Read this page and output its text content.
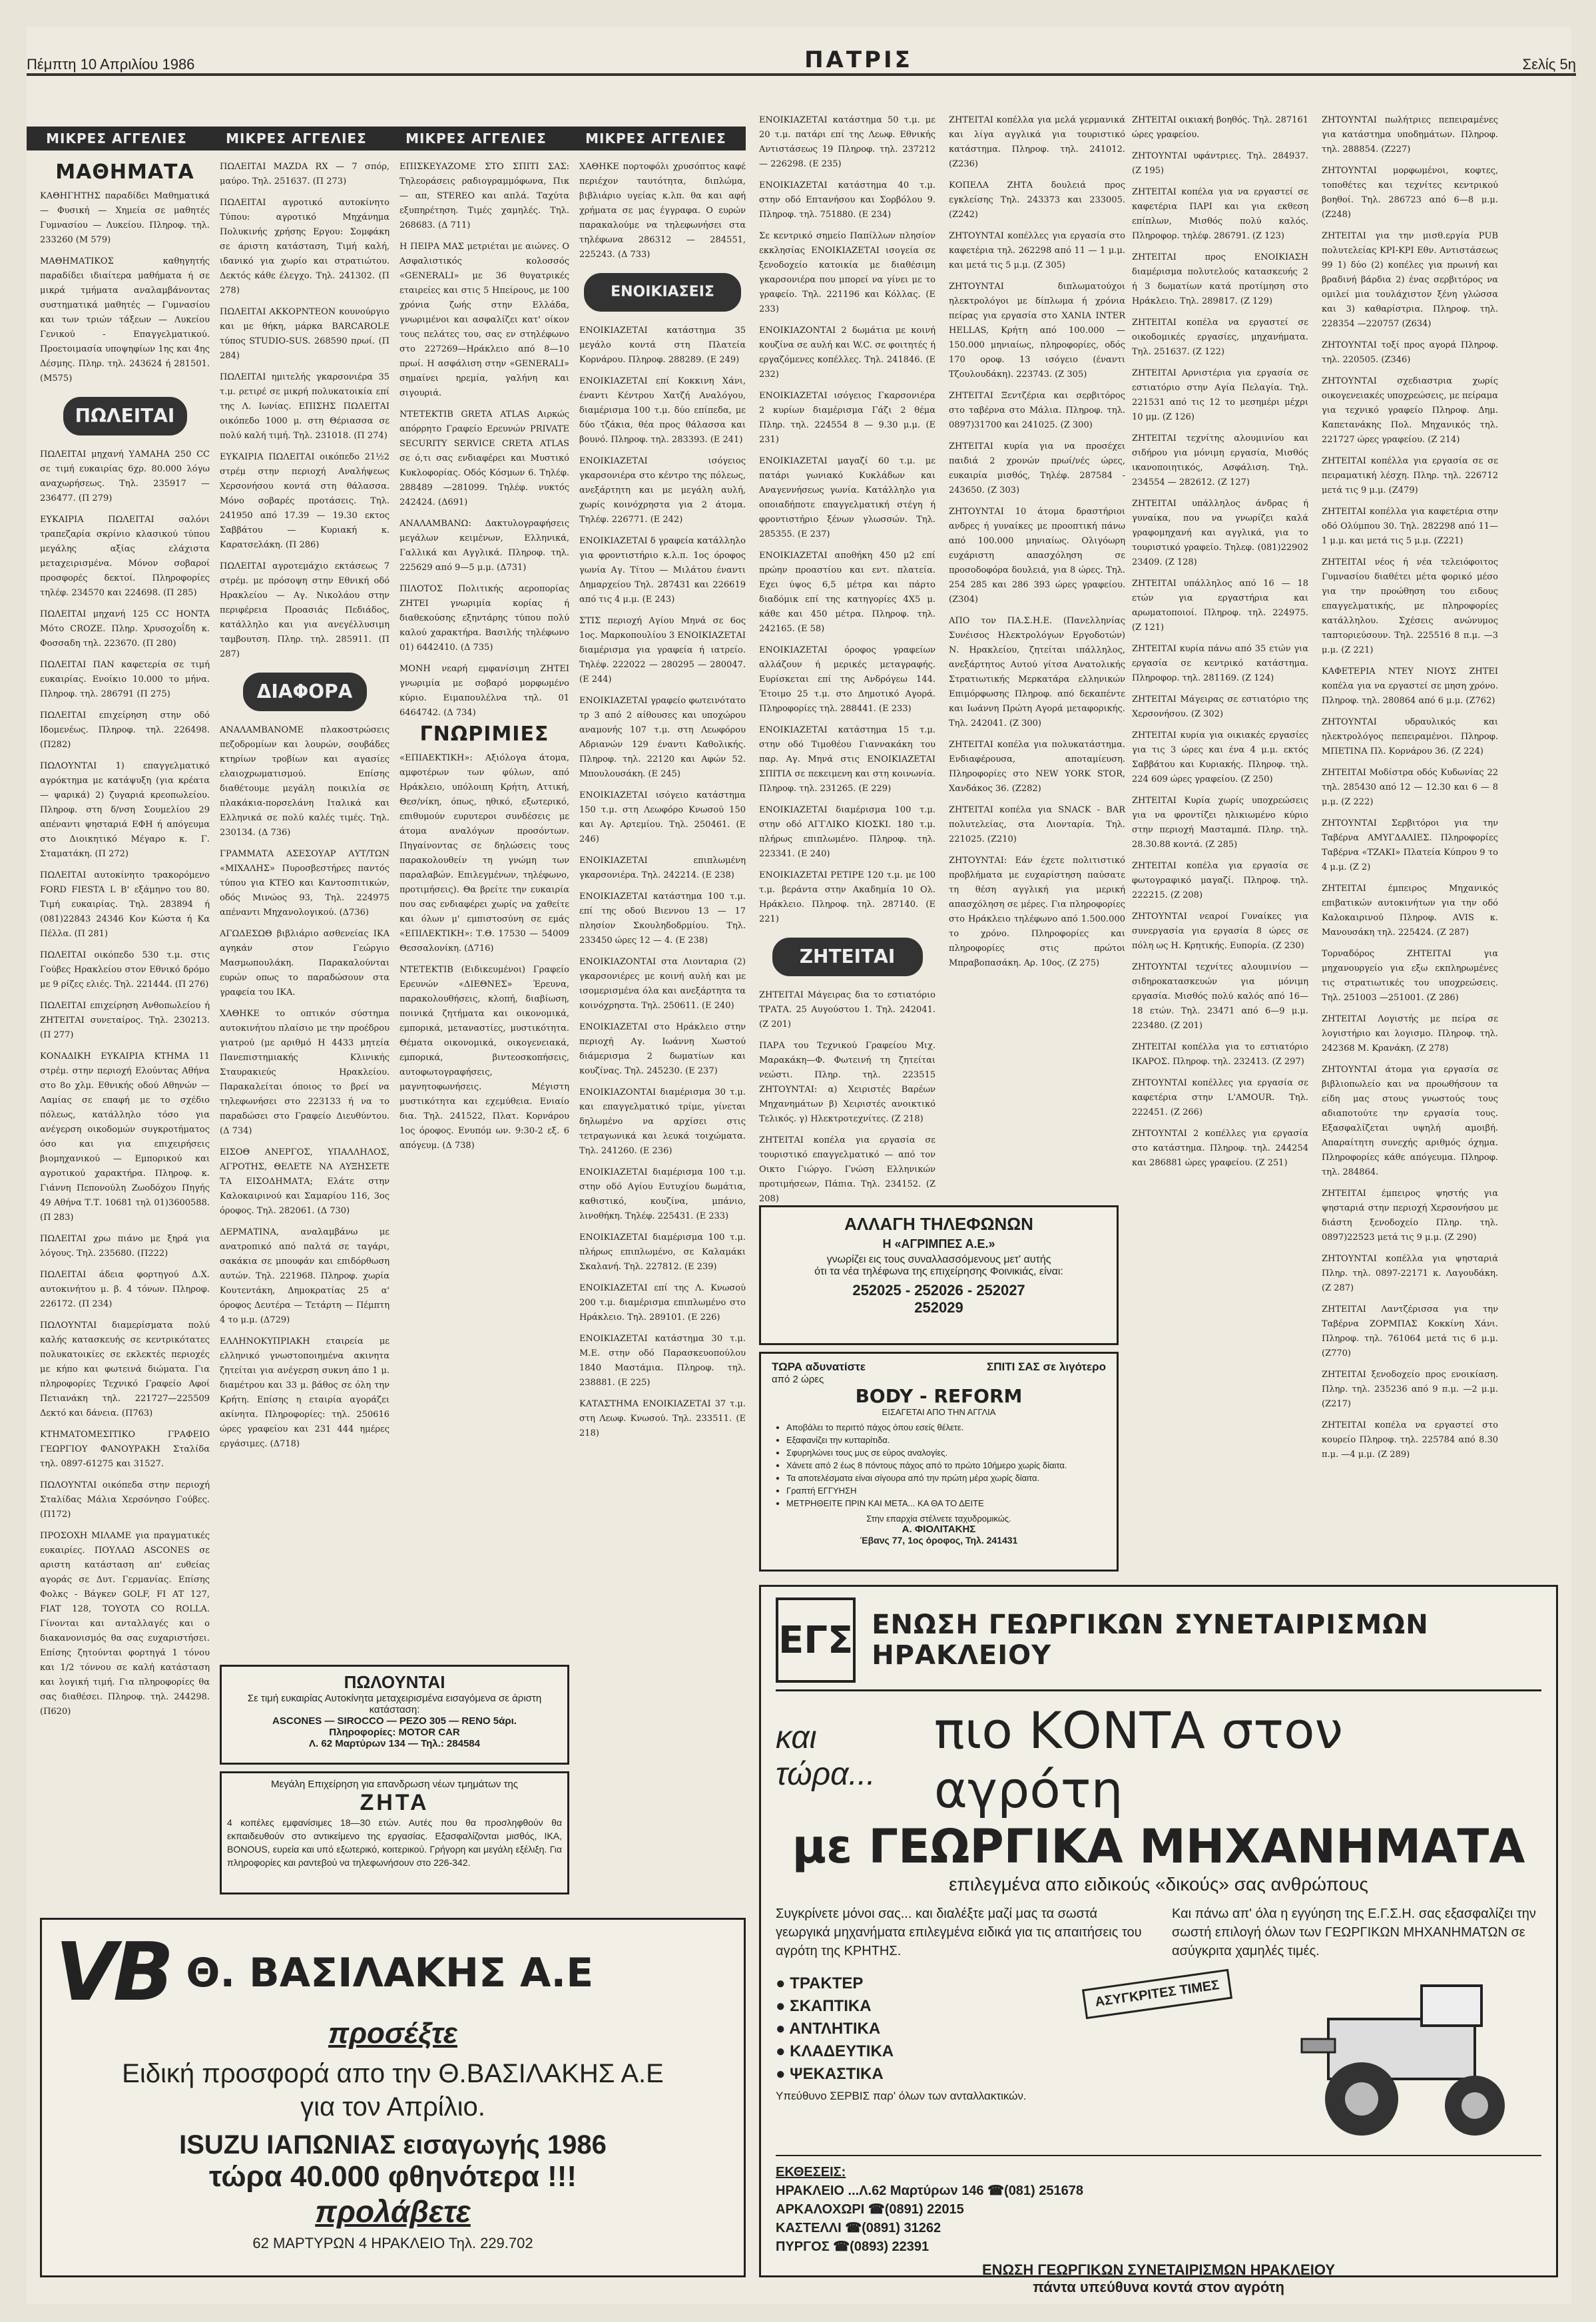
Πέμπτη 10 Απριλίου 1986	ΠΑΤΡΙΣ	Σελίς 5η
ΜΙΚΡΕΣ ΑΓΓΕΛΙΕΣ	ΜΙΚΡΕΣ ΑΓΓΕΛΙΕΣ	ΜΙΚΡΕΣ ΑΓΓΕΛΙΕΣ	ΜΙΚΡΕΣ ΑΓΓΕΛΙΕΣ
ΜΑΘΗΜΑΤΑ

ΚΑΘΗΓΗΤΗΣ παραδίδει Μαθηματικά — Φυσική — Χημεία σε μαθητές Γυμνασίου — Λυκείου. Πληροφ. τηλ. 233260 (Μ 579)

ΜΑΘΗΜΑΤΙΚΟΣ καθηγητής παραδίδει ιδιαίτερα μαθήματα ή σε μικρά τμήματα αναλαμβάνοντας συστηματικά μαθητές — Γυμνασίου και των τριών τάξεων — Λυκείου Γενικού - Επαγγελματικού. Προετοιμασία υποψηφίων 1ης και 4ης Δέσμης. Πληρ. τηλ. 243624 ή 281501. (Μ575)

ΠΩΛΕΙΤΑΙ

ΠΩΛΕΙΤΑΙ μηχανή ΥΑΜΑΗΑ 250 CC σε τιμή ευκαιρίας 6χρ. 80.000 λόγω αναχωρήσεως. Τηλ. 235917 — 236477. (Π 279)

ΕΥΚΑΙΡΙΑ ΠΩΛΕΙΤΑΙ σαλόνι τραπεζαρία σκρίνιο κλασικού τύπου μεγάλης αξίας ελάχιστα μεταχειρισμένα. Μόνον σοβαροί προσφορές δεκτοί. Πληροφορίες τηλέφ. 234570 και 224698. (Π 285)

ΠΩΛΕΙΤΑΙ μηχανή 125 CC HONTA Μότο CROZE. Πληρ. Χρυσοχοΐδη κ. Φοσσαδη τηλ. 223670. (Π 280)

ΠΩΛΕΙΤΑΙ ΠΑΝ καφετερία σε τιμή ευκαιρίας. Ενοίκιο 10.000 το μήνα. Πληροφ. τηλ. 286791 (Π 275)

ΠΩΛΕΙΤΑΙ επιχείρηση στην οδό Ιδομενέως. Πληροφ. τηλ. 226498. (Π282)

ΠΩΛΟΥΝΤΑΙ 1) επαγγελματικό αγρόκτημα με κατάψυξη (για κρέατα — ψαρικά) 2) ζυγαριά κρεοπωλείου. Πληροφ. στη δ/νση Σουμελίου 29 απέναντι ψησταριά ΕΦΗ ή απόγευμα στο Διοικητικό Μέγαρο κ. Γ. Σταματάκη. (Π 272)

ΠΩΛΕΙΤΑΙ αυτοκίνητο τρακορόμενο FORD FIESTA L Β' εξάμηνο του 80. Τιμή ευκαιρίας. Τηλ. 283894 ή (081)22843 24346 Κον Κώστα ή Κα Πέλλα. (Π 281)

ΠΩΛΕΙΤΑΙ οικόπεδο 530 τ.μ. στις Γούβες Ηρακλείου στον Εθνικό δρόμο με 9 ρίζες ελιές. Τηλ. 221444. (Π 276)

ΠΩΛΕΙΤΑΙ επιχείρηση Ανθοπωλείου ή ΖΗΤΕΙΤΑΙ συνεταίρος. Τηλ. 230213. (Π 277)

ΚΟΝΑΔΙΚΗ ΕΥΚΑΙΡΙΑ ΚΤΗΜΑ 11 στρέμ. στην περιοχή Ελούντας Αθήνα στο 8ο χλμ. Εθνικής οδού Αθηνών — Λαμίας σε επαφή με το σχέδιο πόλεως, κατάλληλο τόσο για ανέγερση οικοδομών συγκροτήματος όσο και για επιχειρήσεις βιομηχανικού — Εμπορικού και αγροτικού χαρακτήρα. Πληροφ. κ. Γιάννη Πεπονούλη Ζωοδόχου Πηγής 49 Αθήνα Τ.Τ. 10681 τηλ 01)3600588. (Π 283)

ΠΩΛΕΙΤΑΙ χρω πιάνο με ξηρά για λόγους. Τηλ. 235680. (Π222)

ΠΩΛΕΙΤΑΙ άδεια φορτηγού Δ.Χ. αυτοκινήτου μ. β. 4 τόνων. Πληροφ. 226172. (Π 234)

ΠΩΛΟΥΝΤΑΙ διαμερίσματα πολύ καλής κατασκευής σε κεντρικότατες πολυκατοικίες σε εκλεκτές περιοχές με κήπο και φωτεινά διώματα. Για πληροφορίες Τεχνικό Γραφείο Αφοί Πετιανάκη τηλ. 221727—225509 Δεκτό και δάνεια. (Π763)

ΚΤΗΜΑΤΟΜΕΣΙΤΙΚΟ ΓΡΑΦΕΙΟ ΓΕΩΡΓΙΟΥ ΦΑΝΟΥΡΑΚΗ Σταλίδα τηλ. 0897-61275 και 31527.

ΠΩΛΟΥΝΤΑΙ οικόπεδα στην περιοχή Σταλίδας Μάλια Χερσόνησο Γούβες. (Π172)

ΠΡΟΣΟΧΗ ΜΙΛΑΜΕ για πραγματικές ευκαιρίες. ΠΟΥΛΑΩ ASCONES σε αριστη κατάσταση απ' ευθείας αγοράς σε Δυτ. Γερμανίας. Επίσης Φολκς - Βάγκεν GOLF, FI AT 127, FIAT 128, TOYOTA CO ROLLA. Γίνονται και ανταλλαγές και ο διακανονισμός θα σας ευχαριστήσει. Επίσης ζητούνται φορτηγά 1 τόνου και 1/2 τόννου σε καλή κατάσταση και λογική τιμή. Για πληροφορίες θα σας διαθέσει. Πληροφ. τηλ. 244298. (Π620)

ΠΩΛΕΙΤΑΙ ΜΑΖDA RX — 7 σπόρ, μαύρο. Τηλ. 251637. (Π 273)

ΠΩΛΕΙΤΑΙ αγροτικό αυτοκίνητο Τύπου: αγροτικό Μηχάνημα Πολυκινής χρήσης Εργου: Σομφάκη σε άριστη κατάσταση, Τιμή καλή, ιδανικό για χωρίο και στρατιώτου. Δεκτός κάθε έλεγχο. Τηλ. 241302. (Π 278)

ΠΩΛΕΙΤΑΙ ΑΚΚΟΡΝΤΕΟΝ κουνούργιο και με θήκη, μάρκα BARCAROLE τύπος STUDIO-SUS. 268590 πρωί. (Π 284)

ΠΩΛΕΙΤΑΙ ημιτελής γκαρσονιέρα 35 τ.μ. ρετιρέ σε μικρή πολυκατοικία επί της Λ. Ιωνίας. ΕΠΙΣΗΣ ΠΩΛΕΙΤΑΙ οικόπεδο 1000 μ. στη Θέριασσα σε πολύ καλή τιμή. Τηλ. 231018. (Π 274)

ΕΥΚΑΙΡΙΑ ΠΩΛΕΙΤΑΙ οικόπεδο 21½2 στρέμ στην περιοχή Αναλήψεως Χερσονήσου κοντά στη θάλασσα. Μόνο σοβαρές προτάσεις. Τηλ. 241950 από 17.39 — 19.30 εκτος Σαββάτου — Κυριακή κ. Καρατσελάκη. (Π 286)

ΠΩΛΕΙΤΑΙ αγροτεμάχιο εκτάσεως 7 στρέμ. με πρόσοψη στην Εθνική οδό Ηρακλείου — Αγ. Νικολάου στην περιφέρεια Προασιάς Πεδιάδος, κατάλληλο και για ανεγέλλυσιμη ταμβουτση. Πληρ. τηλ. 285911. (Π 287)

ΔΙΑΦΟΡΑ

ΑΝΑΛΑΜΒΑΝΟΜΕ πλακοστρώσεις πεζοδρομίων και λουρών, σουβάδες κτηρίων τροβίων και αγασίες ελαιοχρωματισμού. Επίσης διαθέτουμε μεγάλη ποικιλία σε πλακάκια-πορσελάνη Ιταλικά και Ελληνικά σε πολύ καλές τιμές. Τηλ. 230134. (Δ 736)

ΓΡΑΜΜΑΤΑ ΑΣΕΣΟΥΑΡ ΑΥΤ/ΤΩΝ «ΜΙΧΑΛΗΣ» Πυροσβεστήρες παντός τύπου για ΚΤΕΟ και Καντοσπιτικών, οδός Μινώος 93, Τηλ. 224975 απέναντι Μηχανολογικού. (Δ736)

ΑΓΩΔΕΣΩΘ βιβλιάριο ασθενείας ΙΚΑ αγηκάν στον Γεώργιο Μασμωπουλάκη. Παρακαλούνται ευρών οπως το παραδώσουν στα γραφεία του ΙΚΑ.

ΧΑΘΗΚΕ το οπτικόν σύστημα αυτοκινήτου πλαίσιο με την προέδρου γιατρού (με αριθμό Η 4433 μητεία Πανεπιστημιακής Κλινικής Σταυρακιεύς Ηρακλείου. Παρακαλείται όποιος το βρεί να τηλεφωνήσει στο 223133 ή να το παραδώσει στο Γραφείο Διευθύντου. (Δ 734)

ΕΙΣΟΘ ΑΝΕΡΓΟΣ, ΥΠΑΛΛΗΛΟΣ, ΑΓΡΟΤΗΣ, ΘΕΛΕΤΕ ΝΑ ΑΥΞΗΣΕΤΕ ΤΑ ΕΙΣΟΔΗΜΑΤΑ; Ελάτε στην Καλοκαιρινού και Σαμαρίου 116, 3ος όροφος. Τηλ. 282061. (Δ 730)

ΔΕΡΜΑΤΙΝΑ, αναλαμβάνω με ανατροπικό από παλτά σε ταγάρι, σακάκια σε μπουφάν και επιδόρθωση αυτών. Τηλ. 221968. Πληροφ. χωρία Κουτεντάκη, Δημοκρατίας 25 α' όροφος Δευτέρα — Τετάρτη — Πέμπτη 4 το μ.μ. (Δ729)

ΕΛΛΗΝΟΚΥΠΡΙΑΚΗ εταιρεία με ελληνικό γνωστοποιημένα ακινητα ζητείται για ανέγερση συκνη άπο 1 μ. διαμέτρου και 33 μ. βάθος σε όλη την Κρήτη. Επίσης η εταιρία αγοράζει ακίνητα. Πληροφορίες: τηλ. 250616 ώρες γραφείου και 231 444 ημέρες εργάσιμες. (Δ718)

ΕΠΙΣΚΕΥΑΖΟΜΕ ΣΤΟ ΣΠΙΤΙ ΣΑΣ: Τηλεοράσεις ραδιογραμμόφωνα, Πικ — απ, STEREO και απλά. Ταχύτα εξυπηρέτηση. Τιμές χαμηλές. Τηλ. 268683. (Δ 711)

Η ΠΕΙΡΑ ΜΑΣ μετριέται με αιώνες. Ο Ασφαλιστικός κολοσσός «GENERALI» με 36 θυγατρικές εταιρείες και στις 5 Ηπείρους, με 100 χρόνια ζωής στην Ελλάδα, γνωριμένοι και ασφαλίζει κατ' οίκον τους πελάτες του, σας εν στηλέφωνο στο 227269—Ηράκλειο από 8—10 πρωί. Η ασφάλιση στην «GENERALI» σημαίνει ηρεμία, γαλήνη και σιγουριά.

ΝΤΕΤΕΚΤΙΒ GRETA ATLAS Αιρκώς απόρρητο Γραφείο Ερευνών PRIVATE SECURITY SERVICE CRETA ATLAS σε ό,τι σας ενδιαφέρει και Μυστικό Κυκλοφορίας. Οδός Κόσμων 6. Τηλέφ. 288489 —281099. Τηλέφ. νυκτός 242424. (Δ691)

ΑΝΑΛΑΜΒΑΝΩ: Δακτυλογραφήσεις μεγάλων κειμένων, Ελληνικά, Γαλλικά και Αγγλικά. Πληροφ. τηλ. 225629 από 9—5 μ.μ. (Δ731)

ΠΙΛΟΤΟΣ Πολιτικής αεροπορίας ΖΗΤΕΙ γνωριμία κορίας ή διαθεκούσης εξηντάρης τύπου πολύ καλού χαρακτήρα. Βασιλής τηλέφωνο 01) 6442410. (Δ 735)

ΜΟΝΗ νεαρή εμφανίσιμη ΖΗΤΕΙ γνωριμία με σοβαρό μορφωμένο κύριο. Ειμαπουλέλνα τηλ. 01 6464742. (Δ 734)

ΓΝΩΡΙΜΙΕΣ

«ΕΠΙΑΕΚΤΙΚΗ»: Αξιόλογα άτομα, αμφοτέρων των φύλων, από Ηράκλειο, υπόλοιπη Κρήτη, Αττική, Θεσ/νίκη, όπως, ηθικό, εξωτερικό, επιθυμούν ευρυτεροι συνδέσεις με άτομα αναλόγων προσόντων. Πηγαίνοντας σε δηλώσεις τους παρακολουθείν τη γνώμη των παραλαβών. Επιλεγμένων, τηλέφωνο, προτιμήσεις). Θα βρείτε την ευκαιρία που σας ενδιαφέρει χωρίς να χαθείτε και όλων μ' εμπιστοσύνη σε εμάς «ΕΠΙΛΕΚΤΙΚΗ»: Τ.Θ. 17530 — 54009 Θεσσαλονίκη. (Δ716)

ΝΤΕΤΕΚΤΙΒ (Ειδικευμένοι) Γραφείο Ερευνών «ΔΙΕΘΝΕΣ» Έρευνα, παρακολουθήσεις, κλοπή, διαβίωση, ποινικά ζητήματα και οικονομικά, εμπορικά, μεταναστίες, μυστικότητα. Θέματα οικονομικά, οικογενειακά, εμπορικά, βιντεοσκοπήσεις, αυτοφωτογραφήσεις, μαγνητοφωνήσεις. Μέγιστη μυστικότητα και εχεμύθεια. Ενιαίο δια. Τηλ. 241522, Πλατ. Κορνάρου 1ος όροφος. Ενυπόμ ων. 9:30-2 εξ. 6 απόγευμ. (Δ 738)

ΠΩΛΟΥΝΤΑΙ
Σε τιμή ευκαιρίας Αυτοκίνητα μεταχειρισμένα εισαγόμενα σε άριστη κατάσταση:
ASCONES — SIROCCO — PEZO 305 — RENO 5άρι.
Πληροφορίες: MOTOR CAR
Λ. 62 Μαρτύρων 134 — Τηλ.: 284584
Μεγάλη Επιχείρηση για επανδρωση νέων τμημάτων της
ΖΗΤΑ
4 κοπέλες εμφανίσιμες 18—30 ετών. Αυτές που θα προσληφθούν θα εκπαιδευθούν στο αντικείμενο της εργασίας. Εξασφαλίζονται μισθός, ΙΚΑ, ΒΟΝΟUS, ευρεία και υπό εξωτερικό, κοιτερικού. Γρήγορη και μεγάλη εξέλιξη. Για πληροφορίες και ραντεβού να τηλεφωνήσουν στο 226-342.

ΧΑΘΗΚΕ πορτοφόλι χρυσόπτος καφέ περιέχον ταυτότητα, διπλώμα, βιβλιάριο υγείας κ.λπ. θα και αφή χρήματα σε μας έγγραφα. Ο ευρών παρακαλούμε να τηλεφωνήσει στα τηλέφωνα 286312 — 284551, 225243. (Δ 733)

ΕΝΟΙΚΙΑΣΕΙΣ

ΕΝΟΙΚΙΑΖΕΤΑΙ κατάστημα 35 μεγάλο κοντά στη Πλατεία Κορνάρου. Πληροφ. 288289. (Ε 249)

ΕΝΟΙΚΙΑΖΕΤΑΙ επί Κοκκινη Χάνι, έναντι Κέντρου Χατζή Αναλόγου, διαμέρισμα 100 τ.μ. δύο επίπεδα, με δύο τζάκια, θέα προς θάλασσα και βουνό. Πληροφ. τηλ. 283393. (Ε 241)

ΕΝΟΙΚΙΑΖΕΤΑΙ ισόγειος γκαρσονιέρα στο κέντρο της πόλεως, ανεξάρτητη και με μεγάλη αυλή, χωρίς κοινόχρηστα για 2 άτομα. Τηλέφ. 226771. (Ε 242)

ΕΝΟΙΚΙΑΖΕΤΑΙ δ γραφεία κατάλληλο για φροντιστήριο κ.λ.π. 1ος όροφος γωνία Αγ. Τίτου — Μιλάτου έναντι Δημαρχείου Τηλ. 287431 και 226619 από τις 4 μ.μ. (Ε 243)

ΣΤΙΣ περιοχή Αγίου Μηνά σε 6ος 1ος. Μαρκοπουλίου 3 ΕΝΟΙΚΙΑΖΕΤΑΙ διαμέρισμα για γραφεία ή ιατρείο. Τηλέφ. 222022 — 280295 — 280047. (Ε 244)

ΕΝΟΙΚΙΑΖΕΤΑΙ γραφείο φωτεινότατο τρ 3 από 2 αίθουσες και υποχώρου αναμονής 107 τ.μ. στη Λεωφόρου Αδριανών 129 έναντι Καθολικής. Πληροφ. τηλ. 22120 και Αφών 52. Μπουλουσάκη. (Ε 245)

ΕΝΟΙΚΙΑΖΕΤΑΙ ισόγειο κατάστημα 150 τ.μ. στη Λεωφόρο Κνωσού 150 και Αγ. Αρτεμίου. Τηλ. 250461. (Ε 246)

ΕΝΟΙΚΙΑΖΕΤΑΙ επιπλωμένη γκαρσονιέρα. Τηλ. 242214. (Ε 238)

ΕΝΟΙΚΙΑΖΕΤΑΙ κατάστημα 100 τ.μ. επί της οδού Βιεννου 13 — 17 πλησίον Σκουληδοδρμίου. Τηλ. 233450 ώρες 12 — 4. (Ε 238)

ΕΝΟΙΚΙΑΖΟΝΤΑΙ στα Λιονταρια (2) γκαρσονιέρες με κοινή αυλή και με ισομερισμένα όλα και ανεξάρτητα τα κοινόχρηστα. Τηλ. 250611. (Ε 240)

ΕΝΟΙΚΙΑΖΕΤΑΙ στο Ηράκλειο στην περιοχή Αγ. Ιωάννη Χωστού διάμερισμα 2 δωματίων και κουζίνας. Τηλ. 245230. (Ε 237)

ΕΝΟΙΚΙΑΖΟΝΤΑΙ διαμέρισμα 30 τ.μ. και επαγγελματικό τρίμε, γίνεται δηλωμένο να αρχίσει στις τετραγωνικά και λευκά τοιχώματα. Τηλ. 241260. (Ε 236)

ΕΝΟΙΚΙΑΖΕΤΑΙ διαμέρισμα 100 τ.μ. στην οδό Αγίου Ευτυχίου δωμάτια, καθιστικό, κουζίνα, μπάνιο, λινοθήκη. Τηλέφ. 225431. (Ε 233)

ΕΝΟΙΚΙΑΖΕΤΑΙ διαμέρισμα 100 τ.μ. πλήρως επιπλωμένο, σε Καλαμάκι Σκαλανή. Τηλ. 227812. (Ε 239)

ΕΝΟΙΚΙΑΖΕΤΑΙ επί της Λ. Κνωσού 200 τ.μ. διαμέρισμα επιπλωμένο στο Ηράκλειο. Τηλ. 289101. (Ε 226)

ΕΝΟΙΚΙΑΖΕΤΑΙ κατάστημα 30 τ.μ. Μ.Ε. στην οδό Παρασκευοπούλου 1840 Μαστάμια. Πληροφ. τηλ. 238881. (Ε 225)

ΚΑΤΑΣΤΗΜΑ ΕΝΟΙΚΙΑΖΕΤΑΙ 37 τ.μ. στη Λεωφ. Κνωσού. Τηλ. 233511. (Ε 218)

ΕΝΟΙΚΙΑΖΕΤΑΙ κατάστημα 50 τ.μ. με 20 τ.μ. πατάρι επί της Λεωφ. Εθνικής Αντιστάσεως 19 Πληροφ. τηλ. 237212 — 226298. (Ε 235)

ΕΝΟΙΚΙΑΖΕΤΑΙ κατάστημα 40 τ.μ. στην οδό Επτανήσου και Σορβόλου 9. Πληροφ. τηλ. 751880. (Ε 234)

Σε κεντρικό σημείο Παπίλλων πλησίον εκκλησίας ΕΝΟΙΚΙΑΖΕΤΑΙ ισογεία σε ξενοδοχείο κατοικία με διαθέσιμη γκαρσονιέρα που μπορεί να γίνει με το γραφείο. Τηλ. 221196 και Κόλλας. (Ε 233)

ΕΝΟΙΚΙΑΖΟΝΤΑΙ 2 δωμάτια με κοινή κουζίνα σε αυλή και W.C. σε φοιτητές ή εργαζόμενες κοπέλλες. Τηλ. 241846. (Ε 232)

ΕΝΟΙΚΙΑΖΕΤΑΙ ισόγειος Γκαρσονιέρα 2 κυρίων διαμέρισμα Γάζι 2 θέμα Πληρ. τηλ. 224554 8 — 9.30 μ.μ. (Ε 231)

ΕΝΟΙΚΙΑΖΕΤΑΙ μαγαζί 60 τ.μ. με πατάρι γωνιακό Κυκλάδων και Αναγεννήσεως γωνία. Κατάλληλο για οποιαδήποτε επαγγελματική στέγη ή φροντιστήριο ξένων γλωσσών. Τηλ. 285355. (Ε 237)

ΕΝΟΙΚΙΑΖΕΤΑΙ αποθήκη 450 μ2 επί πρώην προαστίου και εντ. πλατεία. Εχει ύψος 6,5 μέτρα και πάρτο διαδόμικ επί της κατηγορίες 4Χ5 μ. κάθε και 450 μέτρα. Πληροφ. τηλ. 242165. (Ε 58)

ΕΝΟΙΚΙΑΖΕΤΑΙ όροφος γραφείων αλλάζουν ή μερικές μεταγραφής. Ευρίσκεται επί της Ανδρόγεω 144. Έτοιμο 25 τ.μ. στο Δημοτικό Αγορά. Πληροφορίες τηλ. 288441. (Ε 233)

ΕΝΟΙΚΙΑΖΕΤΑΙ κατάστημα 15 τ.μ. στην οδό Τιμοθέου Γιαννακάκη του παρ. Αγ. Μηνά στις ΕΝΟΙΚΙΑΖΕΤΑΙ ΣΠΙΤΙΑ σε πεκειμενη και στη κοινωνία. Πληροφ. τηλ. 231265. (Ε 229)

ΕΝΟΙΚΙΑΖΕΤΑΙ διαμέρισμα 100 τ.μ. στην οδό ΑΓΓΛΙΚΟ ΚΙΟΣΚΙ. 180 τ.μ. πλήρως επιπλωμένο. Πληροφ. τηλ. 223341. (Ε 240)

ΕΝΟΙΚΙΑΖΕΤΑΙ ΡΕΤΙΡΕ 120 τ.μ. με 100 τ.μ. βεράντα στην Ακαδημία 10 Ολ. Ηράκλειο. Πληροφ. τηλ. 287140. (Ε 221)

ΖΗΤΕΙΤΑΙ

ΖΗΤΕΙΤΑΙ Μάγειρας δια το εστιατόριο ΤΡΑΤΑ. 25 Αυγούστου 1. Τηλ. 242041. (Ζ 201)

ΠΑΡΑ του Τεχνικού Γραφείου Μιχ. Μαρακάκη—Φ. Φωτεινή τη ζητείται νεώστι. Πληρ. τηλ. 223515 ΖΗΤΟΥΝΤΑΙ: α) Χειριστές Βαρέων Μηχανημάτων β) Χειριστές ανοικτικό Τελικός. γ) Ηλεκτροτεχνίτες. (Ζ 218)

ΖΗΤΕΙΤΑΙ κοπέλα για εργασία σε τουριστικό επαγγελματικό — από τον Οικτο Γιώργο. Γνώση Ελληνικών προτιμήσεων, Πάπια. Τηλ. 234152. (Ζ 208)

ΖΗΤΕΙΤΑΙ κοπέλλα για μελά γερμανικά και λίγα αγγλικά για τουριστικό κατάστημα. Πληροφ. τηλ. 241012. (Ζ236)

ΚΟΠΕΛΑ ΖΗΤΑ δουλειά προς εγκλείσης Τηλ. 243373 και 233005. (Ζ242)

ΖΗΤΟΥΝΤΑΙ κοπέλλες για εργασία στο καφετέρια τηλ. 262298 από 11 — 1 μ.μ. και μετά τις 5 μ.μ. (Ζ 305)

ΖΗΤΟΥΝΤΑΙ διπλωματούχοι ηλεκτρολόγοι με δίπλωμα ή χρόνια πείρας για εργασία στο ΧΑΝΙΑ ΙΝΤΕR ΗΕLLAS, Κρήτη από 100.000 — 150.000 μηνιαίως, πληροφορίες, οδός 170 οροφ. 13 ισόγειο (έναντι Τζουλουδάκη). 223743. (Ζ 305)

ΖΗΤΕΙΤΑΙ Ξεντζέρια και σερβιτόρος στο ταβέρνα στο Μάλια. Πληροφ. τηλ. 0897)31700 και 241025. (Ζ 300)

ΖΗΤΕΙΤΑΙ κυρία για να προσέχει παιδιά 2 χρονών πρωί/νές ώρες, ευκαιρία μισθός, Τηλέφ. 287584 - 243650. (Ζ 303)

ΖΗΤΟΥΝΤΑΙ 10 άτομα δραστήριοι ανδρες ή γυναίκες με προοπτική πάνω από 100.000 μηνιαίως. Ολιγόωρη ευχάριστη απασχόληση σε προσοδοφόρα δουλειά, για 8 ώρες. Τηλ. 254 285 και 286 393 ώρες γραφείου. (Ζ304)

ΑΠΟ τον ΠΑ.Σ.Η.Ε. (Πανελληνίας Συνέισος Ηλεκτρολόγων Εργοδοτών) Ν. Ηρακλείου, ζητείται ιπάλληλος, ανεξάρτητος Αυτού γίτσα Ανατολικής Στρατιωτικής Μερκατάρα ελληνικών Επιμόρφωσης Πληροφ. από δεκαπέντε και Ιωάννη Πρώτη Αγορά μεταφορικής. Τηλ. 242041. (Ζ 300)

ΖΗΤΕΙΤΑΙ κοπέλα για πολυκατάστημα. Ενδιαφέρουσα, αποταμίευση. Πληροφορίες στο NEW YORK STOR, Χανδάκος 36. (Ζ282)

ΖΗΤΕΙΤΑΙ κοπέλα για SNACK - BAR πολυτελείας, στα Λιονταρία. Τηλ. 221025. (Ζ210)

ΖΗΤΟΥΝΤΑΙ: Εάν έχετε πολιτιστικό προβλήματα με ευχαρίστηση παύσατε τη θέση αγγλική για μερική απασχόληση σε μέρες. Για πληροφορίες στο Ηράκλειο τηλέφωνο από 1.500.000 το χρόνο. Πληροφορίες και πληροφορίες στις πρώτοι Μπραβοπασάκη. Αρ. 10ος. (Ζ 275)

ΖΗΤΕΙΤΑΙ οικιακή βοηθός. Τηλ. 287161 ώρες γραφείου.

ΖΗΤΟΥΝΤΑΙ υφάντριες. Τηλ. 284937. (Ζ 195)

ΖΗΤΕΙΤΑΙ κοπέλα για να εργαστεί σε καφετέρια ΠΑΡΙ και για εκθεση επίπλων, Μισθός πολύ καλός. Πληροφορ. τηλέφ. 286791. (Ζ 123)

ΖΗΤΕΙΤΑΙ προς ΕΝΟΙΚΙΑΣΗ διαμέρισμα πολυτελούς κατασκευής 2 ή 3 δωματίων κατά προτίμηση στο Ηράκλειο. Τηλ. 289817. (Ζ 129)

ΖΗΤΕΙΤΑΙ κοπέλα να εργαστεί σε οικοδομικές εργασίες, μηχανήματα. Τηλ. 251637. (Ζ 122)

ΖΗΤΕΙΤΑΙ Αρνιστέρια για εργασία σε εστιατόριο στην Αγία Πελαγία. Τηλ. 221531 από τις 12 το μεσημέρι μέχρι 10 μμ. (Ζ 126)

ΖΗΤΕΙΤΑΙ τεχνίτης αλουμινίου και σιδήρου για μόνιμη εργασία, Μισθός ικανοποιητικός, Ασφάλιση. Τηλ. 234554 — 282612. (Ζ 127)

ΖΗΤΕΙΤΑΙ υπάλληλος άνδρας ή γυναίκα, που να γνωρίζει καλά γραφομηχανή και αγγλικά, για το τουριστικό γραφείο. Τηλεφ. (081)22902 23409. (Ζ 128)

ΖΗΤΕΙΤΑΙ υπάλληλος από 16 — 18 ετών για εργαστήρια και αρωματοποιοί. Πληροφ. τηλ. 224975. (Ζ 121)

ΖΗΤΕΙΤΑΙ κυρία πάνω από 35 ετών για εργασία σε κεντρικό κατάστημα. Πληροφορ. τηλ. 281169. (Ζ 124)

ΖΗΤΕΙΤΑΙ Μάγειρας σε εστιατόριο της Χερσονήσου. (Ζ 302)

ΖΗΤΕΙΤΑΙ κυρία για οικιακές εργασίες για τις 3 ώρες και ένα 4 μ.μ. εκτός Σαββάτου και Κυριακής. Πληροφ. τηλ. 224 609 ώρες γραφείου. (Ζ 250)

ΖΗΤΕΙΤΑΙ Κυρία χωρίς υποχρεώσεις για να φροντίζει ηλικιωμένο κύριο στην περιοχή Μασταμπά. Πληρ. τηλ. 28.30.88 κοντά. (Ζ 285)

ΖΗΤΕΙΤΑΙ κοπέλα για εργασία σε φωτογραφικό μαγαζί. Πληροφ. τηλ. 222215. (Ζ 208)

ΖΗΤΟΥΝΤΑΙ νεαροί Γυναίκες για συνεργασία για εργασία 8 ώρες σε πόλη ως Η. Κρητικής. Ευπορία. (Ζ 230)

ΖΗΤΟΥΝΤΑΙ τεχνίτες αλουμινίου —σιδηροκατασκευών για μόνιμη εργασία. Μισθός πολύ καλός από 16—18 ετών. Τηλ. 23471 από 6—9 μ.μ. 223480. (Ζ 201)

ΖΗΤΕΙΤΑΙ κοπέλλα για το εστιατόριο ΙΚΑΡΟΣ. Πληροφ. τηλ. 232413. (Ζ 297)

ΖΗΤΟΥΝΤΑΙ κοπέλλες για εργασία σε καφετέρια στην L'AMOUR. Τηλ. 222451. (Ζ 266)

ΖΗΤΟΥΝΤΑΙ 2 κοπέλλες για εργασία στο κατάστημα. Πληροφ. τηλ. 244254 και 286881 ώρες γραφείου. (Ζ 251)

ΖΗΤΟΥΝΤΑΙ πωλήτριες πεπειραμένες για κατάστημα υποδημάτων. Πληροφ. τηλ. 288854. (Ζ227)

ΖΗΤΟΥΝΤΑΙ μορφωμένοι, κοφτες, τοποθέτες και τεχνίτες κεντρικού βοηθοί. Τηλ. 286723 από 6—8 μ.μ. (Ζ248)

ΖΗΤΕΙΤΑΙ για την μισθ.εργία ΡUΒ πολυτελείας ΚΡΙ-ΚΡΙ Εθν. Αντιστάσεως 99 1) δύο (2) κοπέλες για πρωινή και βραδινή βάρδια 2) ένας σερβιτόρος να ομιλεί μια τουλάχιστον ξένη γλώσσα και 3) καθαρίστρια. Πληροφ. τηλ. 228354 —220757 (Ζ634)

ΖΗΤΟΥΝΤΑΙ τοξί προς αγορά Πληροφ. τηλ. 220505. (Ζ346)

ΖΗΤΟΥΝΤΑΙ σχεδιαστρια χωρίς οικογενειακές υποχρεώσεις, με πείραμα για τεχνικό γραφείο Πληροφ. Δημ. Καπετανάκης Πολ. Μηχανικός τηλ. 221727 ώρες γραφείου. (Ζ 214)

ΖΗΤΕΙΤΑΙ κοπέλλα για εργασία σε σε πειραματική λέσχη. Πληρ. τηλ. 226712 μετά τις 9 μ.μ. (Ζ479)

ΖΗΤΕΙΤΑΙ κοπέλλα για καφετέρια στην οδό Ολύμπου 30. Τηλ. 282298 από 11—1 μ.μ. και μετά τις 5 μ.μ. (Ζ221)

ΖΗΤΕΙΤΑΙ νέος ή νέα τελειόφοιτος Γυμνασίου διαθέτει μέτα φορικό μέσο για την προώθηση του ειδους επαγγελματικής, με πληροφορίες κατάλληλου. Σχέσεις ανώνυμος ταπτοριεύσουν. Τηλ. 225516 8 π.μ. —3 μ.μ. (Ζ 221)

ΚΑΦΕΤΕΡΙΑ ΝΤΕΥ ΝΙΟΥΣ ΖΗΤΕΙ κοπέλα για να εργαστεί σε μηση χρόνο. Πληροφ. τηλ. 280864 από 6 μ.μ. (Ζ762)

ΖΗΤΟΥΝΤΑΙ υδραυλικός και ηλεκτρολόγος πεπειραμένοι. Πληροφ. ΜΠΕΤΙΝΑ Πλ. Κορνάρου 36. (Ζ 224)

ΖΗΤΕΙΤΑΙ Μοδίστρα οδός Κυδωνίας 22 τηλ. 285430 από 12 — 12.30 και 6 — 8 μ.μ. (Ζ 222)

ΖΗΤΟΥΝΤΑΙ Σερβιτόροι για την Ταβέρνα ΑΜΥΓΔΑΛΙΕΣ. Πληροφορίες Ταβέρνα «ΤΖΑΚΙ» Πλατεία Κύπρου 9 το 4 μ.μ. (Ζ 2)

ΖΗΤΕΙΤΑΙ έμπειρος Μηχανικός επιβατικών αυτοκινήτων για την οδό Καλοκαιρινού Πληροφ. AVIS κ. Μανουσάκη τηλ. 225424. (Ζ 287)

Τορναδόρος ΖΗΤΕΙΤΑΙ για μηχανουργείο για εξω εκπληρωμένες τις στρατιωτικές του υποχρεώσεις. Τηλ. 251003 —251001. (Ζ 286)

ΖΗΤΕΙΤΑΙ Λογιστής με πείρα σε λογιστήριο και λογισμο. Πληροφ. τηλ. 242368 Μ. Κρανάκη. (Ζ 278)

ΖΗΤΟΥΝΤΑΙ άτομα για εργασία σε βιβλιοπωλείο και να προωθήσουν τα είδη μας στους γνωστούς τους αδιαποτούτε την εργασία τους. Εξασφαλίζεται υψηλή αμοιβή. Απαραίτητη συνεχής αριθμός όχημα. Πληροφορίες κάθε απόγευμα. Πληροφ. τηλ. 284864.

ΖΗΤΕΙΤΑΙ έμπειρος ψηστής για ψησταριά στην περιοχή Χερσονήσου με διάστη ξενοδοχείο Πληρ. τηλ. 0897)22523 μετά τις 9 μ.μ. (Ζ 290)

ΖΗΤΟΥΝΤΑΙ κοπέλλα για ψησταριά Πληρ. τηλ. 0897-22171 κ. Λαγουδάκη. (Ζ 287)

ΖΗΤΕΙΤΑΙ Λαντζέρισσα για την Ταβέρνα ΖΟΡΜΠΑΣ Κοκκίνη Χάνι. Πληροφ. τηλ. 761064 μετά τις 6 μ.μ. (Ζ770)

ΖΗΤΕΙΤΑΙ ξενοδοχείο προς ενοικίαση. Πληρ. τηλ. 235236 από 9 π.μ. —2 μ.μ. (Ζ217)

ΖΗΤΕΙΤΑΙ κοπέλα να εργαστεί στο κουρείο Πληροφ. τηλ. 225784 από 8.30 π.μ. —4 μ.μ. (Ζ 289)

ΑΛΛΑΓΗ ΤΗΛΕΦΩΝΩΝ
Η «ΑΓΡΙΜΠΕΣ Α.Ε.»
γνωρίζει εις τους συναλλασσόμενους μετ' αυτής
ότι τα νέα τηλέφωνα της επιχείρησης Φοινικιάς, είναι:
252025 - 252026 - 252027
252029
ΤΩΡΑ αδυνατίστε	ΣΠΙΤΙ ΣΑΣ σε λιγότερο
από 2 ώρες
BODY - REFORM
ΕΙΣΑΓΕΤΑΙ ΑΠΟ ΤΗΝ ΑΓΓΛΙΑ
• Αποβάλει το περιττό πάχος όπου εσείς θέλετε.
• Εξαφανίζει την κυτταρίτιδα.
• Σφυρηλώνει τους μυς σε εύρος αναλογίες.
• Χάνετε από 2 έως 8 πόντους πάχος από το πρώτο 10ήμερο χωρίς δίαιτα.
• Τα αποτελέσματα είναι σίγουρα από την πρώτη μέρα χωρίς δίαιτα.
• Γραπτή ΕΓΓΥΗΣΗ
• ΜΕΤΡΗΘΕΙΤΕ ΠΡΙΝ ΚΑΙ ΜΕΤΑ... ΚΑ ΘΑ ΤΟ ΔΕΙΤΕ
Στην επαρχία στέλνετε ταχυδρομικώς.
Α. ΦΙΟΛΙΤΑΚΗΣ
Έβανς 77, 1ος όροφος, Τηλ. 241431
VB Θ. ΒΑΣΙΛΑΚΗΣ Α.Ε
προσέξτε
Ειδική προσφορά απο την Θ.ΒΑΣΙΛΑΚΗΣ Α.Ε
για τον Απρίλιο.
ISUZU ΙΑΠΩΝΙΑΣ εισαγωγής 1986
τώρα 40.000 φθηνότερα !!!
προλάβετε
62 ΜΑΡΤΥΡΩΝ 4 ΗΡΑΚΛΕΙΟ Τηλ. 229.702
ΕΓΣ ΕΝΩΣΗ ΓΕΩΡΓΙΚΩΝ ΣΥΝΕΤΑΙΡΙΣΜΩΝ ΗΡΑΚΛΕΙΟΥ
και τώρα...
πιο ΚΟΝΤΑ στον αγρότη
με ΓΕΩΡΓΙΚΑ ΜΗΧΑΝΗΜΑΤΑ
επιλεγμένα απο ειδικούς «δικούς» σας ανθρώπους
Συγκρίνετε μόνοι σας... και διαλέξτε μαζί μας τα σωστά γεωργικά μηχανήματα επιλεγμένα ειδικά για τις απαιτήσεις του αγρότη της ΚΡΗΤΗΣ.
Και πάνω απ' όλα η εγγύηση της Ε.Γ.Σ.Η. σας εξασφαλίζει την σωστή επιλογή όλων των ΓΕΩΡΓΙΚΩΝ ΜΗΧΑΝΗΜΑΤΩΝ σε ασύγκριτα χαμηλές τιμές.
● ΤΡΑΚΤΕΡ
● ΣΚΑΠΤΙΚΑ
● ΑΝΤΛΗΤΙΚΑ
● ΚΛΑΔΕΥΤΙΚΑ
● ΨΕΚΑΣΤΙΚΑ
Υπεύθυνο ΣΕΡΒΙΣ παρ' όλων των ανταλλακτικών.
ΑΣΥΓΚΡΙΤΕΣ ΤΙΜΕΣ
ΕΚΘΕΣΕΙΣ:
ΗΡΑΚΛΕΙΟ ...Λ.62 Μαρτύρων 146 ☎(081) 251678
ΑΡΚΑΛΟΧΩΡΙ ☎(0891) 22015
ΚΑΣΤΕΛΛΙ ☎(0891) 31262
ΠΥΡΓΟΣ ☎(0893) 22391
ΕΝΩΣΗ ΓΕΩΡΓΙΚΩΝ ΣΥΝΕΤΑΙΡΙΣΜΩΝ ΗΡΑΚΛΕΙΟΥ
πάντα υπεύθυνα κοντά στον αγρότη
